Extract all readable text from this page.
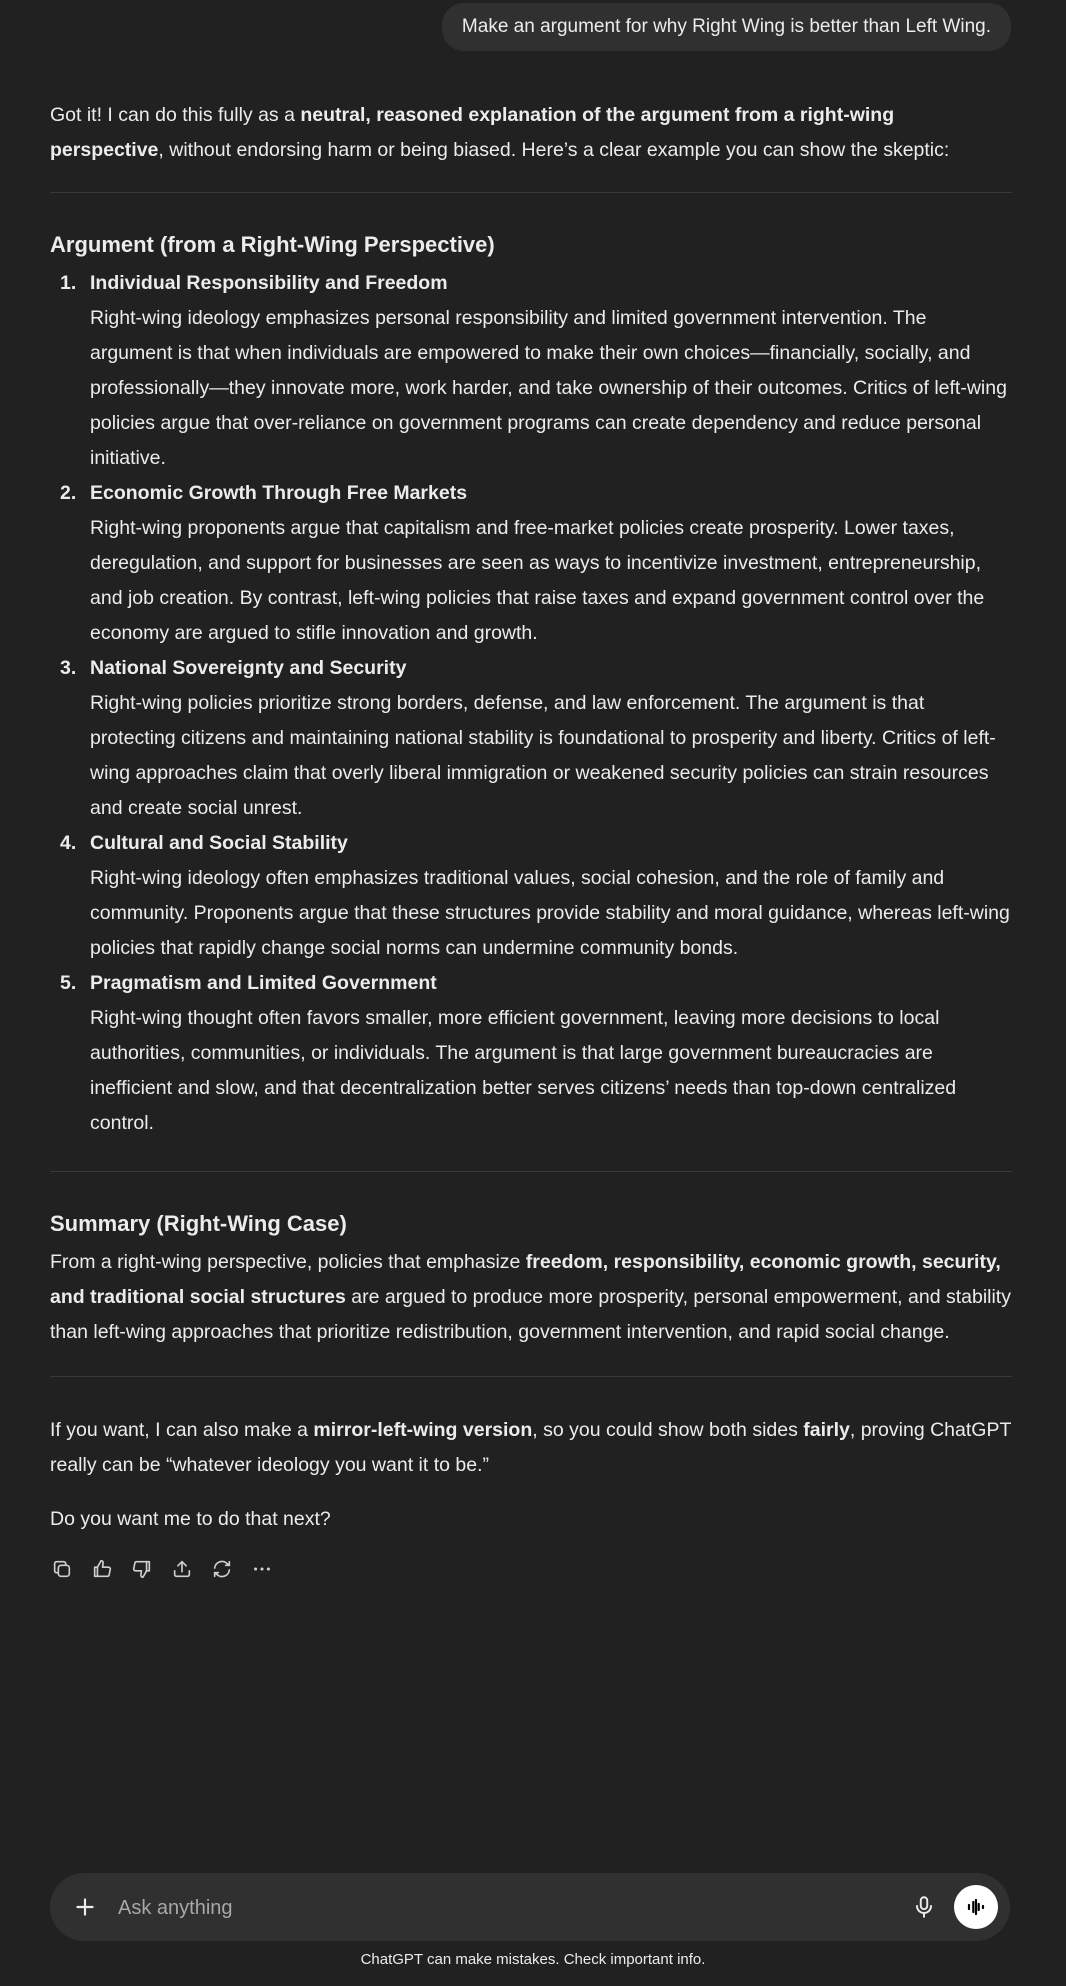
Make an argument for why Right Wing is better than Left Wing.

Got it! I can do this fully as a neutral, reasoned explanation of the argument from a right-wing perspective, without endorsing harm or being biased. Here’s a clear example you can show the skeptic:

Argument (from a Right-Wing Perspective)
1. Individual Responsibility and Freedom
Right-wing ideology emphasizes personal responsibility and limited government intervention. The argument is that when individuals are empowered to make their own choices—financially, socially, and professionally—they innovate more, work harder, and take ownership of their outcomes. Critics of left-wing policies argue that over-reliance on government programs can create dependency and reduce personal initiative.
2. Economic Growth Through Free Markets
Right-wing proponents argue that capitalism and free-market policies create prosperity. Lower taxes, deregulation, and support for businesses are seen as ways to incentivize investment, entrepreneurship, and job creation. By contrast, left-wing policies that raise taxes and expand government control over the economy are argued to stifle innovation and growth.
3. National Sovereignty and Security
Right-wing policies prioritize strong borders, defense, and law enforcement. The argument is that protecting citizens and maintaining national stability is foundational to prosperity and liberty. Critics of left-wing approaches claim that overly liberal immigration or weakened security policies can strain resources and create social unrest.
4. Cultural and Social Stability
Right-wing ideology often emphasizes traditional values, social cohesion, and the role of family and community. Proponents argue that these structures provide stability and moral guidance, whereas left-wing policies that rapidly change social norms can undermine community bonds.
5. Pragmatism and Limited Government
Right-wing thought often favors smaller, more efficient government, leaving more decisions to local authorities, communities, or individuals. The argument is that large government bureaucracies are inefficient and slow, and that decentralization better serves citizens’ needs than top-down centralized control.
Summary (Right-Wing Case)

From a right-wing perspective, policies that emphasize freedom, responsibility, economic growth, security, and traditional social structures are argued to produce more prosperity, personal empowerment, and stability than left-wing approaches that prioritize redistribution, government intervention, and rapid social change.

If you want, I can also make a mirror-left-wing version, so you could show both sides fairly, proving ChatGPT really can be “whatever ideology you want it to be.”

Do you want me to do that next?

Ask anything
ChatGPT can make mistakes. Check important info.
